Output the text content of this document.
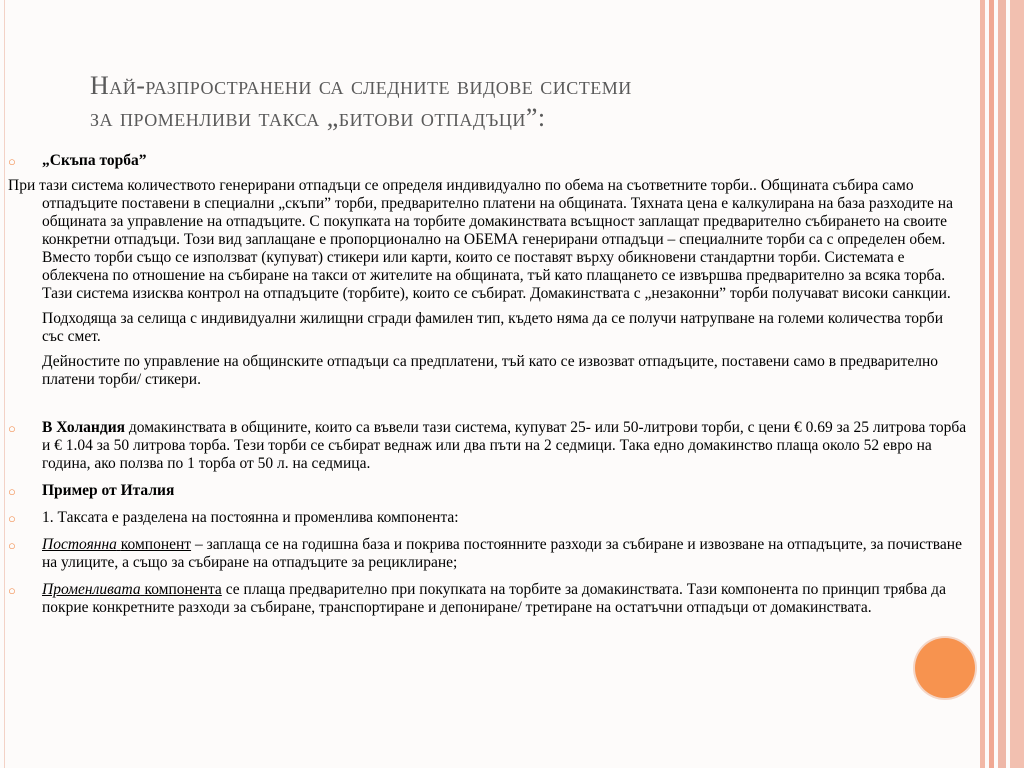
Най-разпространени са следните видове системи
за променливи такса „битови отпадъци”:
○ „Скъпа торба”

При тази система количеството генерирани отпадъци се определя индивидуално по обема на съответните торби.. Общината събира само отпадъците поставени в специални „скъпи” торби, предварително платени на общината. Тяхната цена е калкулирана на база разходите на общината за управление на отпадъците. С покупката на торбите домакинствата всъщност заплащат предварително събирането на своите конкретни отпадъци. Този вид заплащане е пропорционално на ОБЕМА генерирани отпадъци – специалните торби са с определен обем. Вместо торби също се използват (купуват) стикери или карти, които се поставят върху обикновени стандартни торби. Системата е облекчена по отношение на събиране на такси от жителите на общината, тъй като плащането се извършва предварително за всяка торба. Тази система изисква контрол на отпадъците (торбите), които се събират. Домакинствата с „незаконни” торби получават високи санкции.

Подходяща за селища с индивидуални жилищни сгради фамилен тип, където няма да се получи натрупване на големи количества торби със смет.

Дейностите по управление на общинските отпадъци са предплатени, тъй като се извозват отпадъците, поставени само в предварително платени торби/ стикери.

○ В Холандия домакинствата в общините, които са въвели тази система, купуват 25- или 50-литрови торби, с цени € 0.69 за 25 литрова торба и € 1.04 за 50 литрова торба. Тези торби се събират веднаж или два пъти на 2 седмици. Така едно домакинство плаща около 52 евро на година, ако ползва по 1 торба от 50 л. на седмица.
○ Пример от Италия
○ 1. Таксата е разделена на постоянна и променлива компонента:
○ Постоянна компонент – заплаща се на годишна база и покрива постоянните разходи за събиране и извозване на отпадъците, за почистване на улиците, а също за събиране на отпадъците за рециклиране;
○ Променливата компонента се плаща предварително при покупката на торбите за домакинствата. Тази компонента по принцип трябва да покрие конкретните разходи за събиране, транспортиране и депониране/ третиране на остатъчни отпадъци от домакинствата.
